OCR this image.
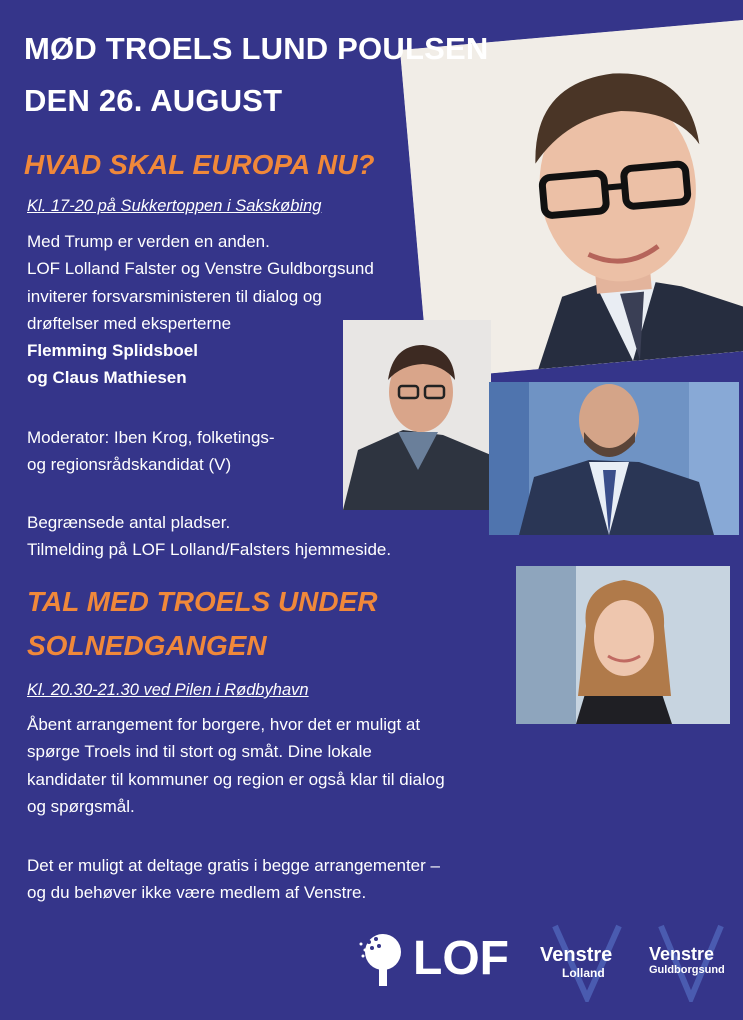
MØD TROELS LUND POULSEN
DEN 26. AUGUST
HVAD SKAL EUROPA NU?
Kl. 17-20 på Sukkertoppen i Sakskøbing
Med Trump er verden en anden.
LOF Lolland Falster og Venstre Guldborgsund
inviterer forsvarsministeren til dialog og
drøftelser med eksperterne
Flemming Splidsboel
og Claus Mathiesen
Moderator: Iben Krog, folketings-
og regionsrådskandidat (V)
Begrænsede antal pladser.
Tilmelding på LOF Lolland/Falsters hjemmeside.
TAL MED TROELS UNDER
SOLNEDGANGEN
Kl. 20.30-21.30 ved Pilen i Rødbyhavn
Åbent arrangement for borgere, hvor det er muligt at
spørge Troels ind til stort og småt. Dine lokale
kandidater til kommuner og region er også klar til dialog
og spørgsmål.
Det er muligt at deltage gratis i begge arrangementer –
og du behøver ikke være medlem af Venstre.
LOF Venstre
Lolland
Venstre
Guldborgsund
